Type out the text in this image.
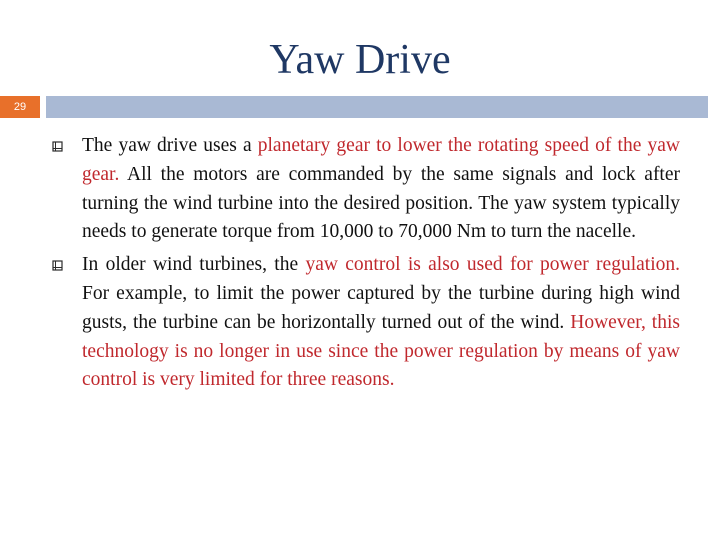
Yaw Drive
29
The yaw drive uses a planetary gear to lower the rotating speed of the yaw gear. All the motors are commanded by the same signals and lock after turning the wind turbine into the desired position. The yaw system typically needs to generate torque from 10,000 to 70,000 Nm to turn the nacelle.
In older wind turbines, the yaw control is also used for power regulation. For example, to limit the power captured by the turbine during high wind gusts, the turbine can be horizontally turned out of the wind. However, this technology is no longer in use since the power regulation by means of yaw control is very limited for three reasons.
